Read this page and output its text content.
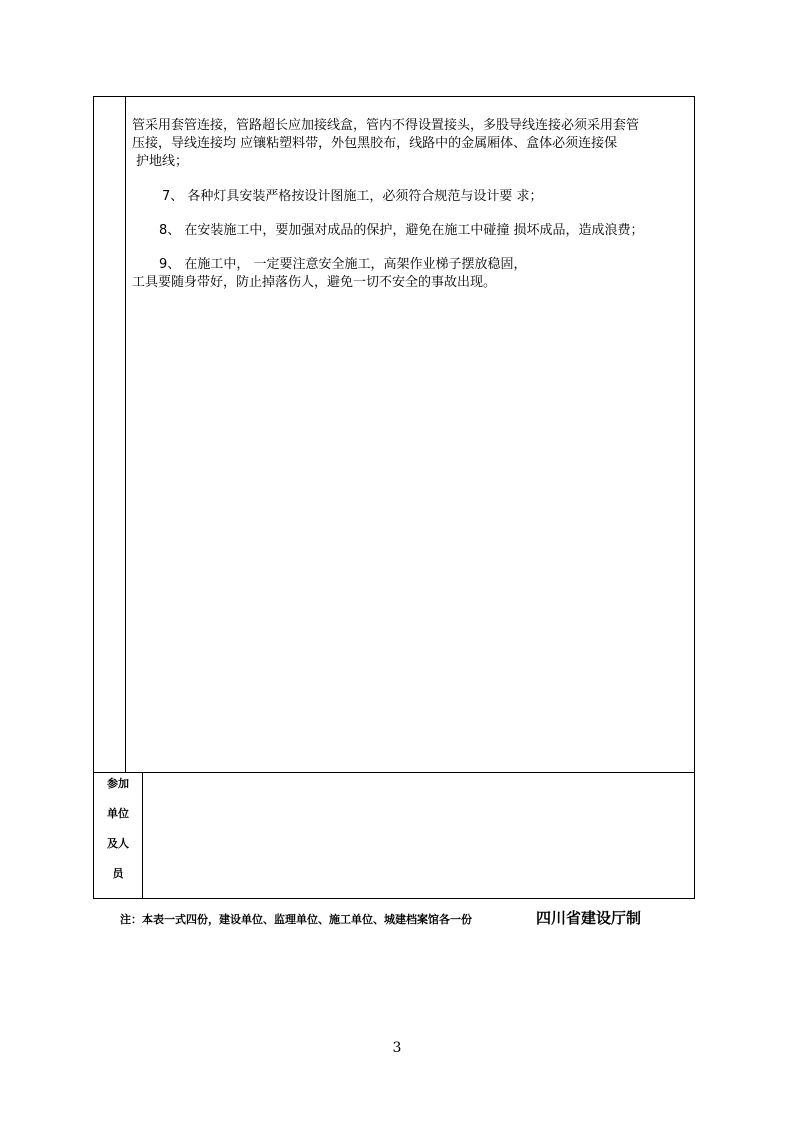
管采用套管连接，管路超长应加接线盒，管内不得设置接头，多股导线连接必须采用套管

压接，导线连接均 应镶粘塑料带，外包黑胶布，线路中的金属厢体、盒体必须连接保

护地线；

7、 各种灯具安装严格按设计图施工，必须符合规范与设计要 求；

8、 在安装施工中，要加强对成品的保护，避免在施工中碰撞 损坏成品，造成浪费；

9、 在施工中， 一定要注意安全施工，高架作业梯子摆放稳固，

工具要随身带好，防止掉落伤人，避免一切不安全的事故出现。

参加
单位
及人
员
注：本表一式四份，建设单位、监理单位、施工单位、城建档案馆各一份	四川省建设厅制
3
